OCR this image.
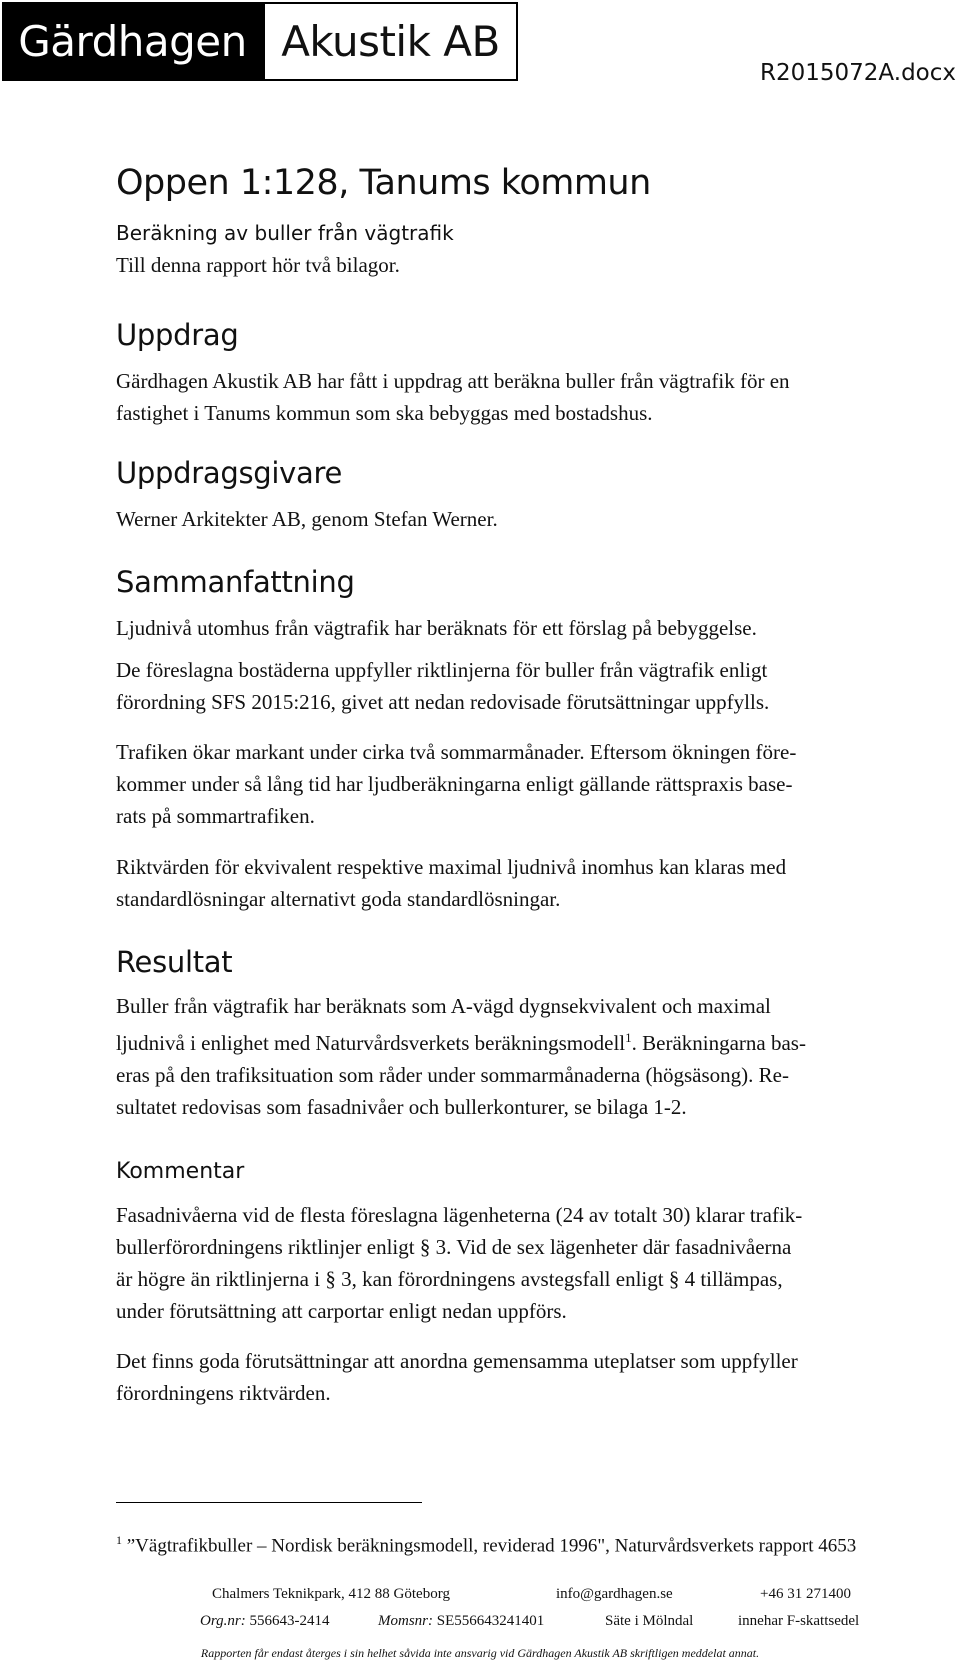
Gärdhagen Akustik AB
R2015072A.docx
Oppen 1:128, Tanums kommun
Beräkning av buller från vägtrafik
Till denna rapport hör två bilagor.
Uppdrag
Gärdhagen Akustik AB har fått i uppdrag att beräkna buller från vägtrafik för en
fastighet i Tanums kommun som ska bebyggas med bostadshus.
Uppdragsgivare
Werner Arkitekter AB, genom Stefan Werner.
Sammanfattning
Ljudnivå utomhus från vägtrafik har beräknats för ett förslag på bebyggelse.
De föreslagna bostäderna uppfyller riktlinjerna för buller från vägtrafik enligt
förordning SFS 2015:216, givet att nedan redovisade förutsättningar uppfylls.
Trafiken ökar markant under cirka två sommarmånader. Eftersom ökningen före-
kommer under så lång tid har ljudberäkningarna enligt gällande rättspraxis base-
rats på sommartrafiken.
Riktvärden för ekvivalent respektive maximal ljudnivå inomhus kan klaras med
standardlösningar alternativt goda standardlösningar.
Resultat
Buller från vägtrafik har beräknats som A-vägd dygnsekvivalent och maximal
ljudnivå i enlighet med Naturvårdsverkets beräkningsmodell$^1$. Beräkningarna bas-
eras på den trafiksituation som råder under sommarmånaderna (högsäsong). Re-
sultatet redovisas som fasadnivåer och bullerkonturer, se bilaga 1-2.
Kommentar
Fasadnivåerna vid de flesta föreslagna lägenheterna (24 av totalt 30) klarar trafik-
bullerförordningens riktlinjer enligt § 3. Vid de sex lägenheter där fasadnivåerna
är högre än riktlinjerna i § 3, kan förordningens avstegsfall enligt § 4 tillämpas,
under förutsättning att carportar enligt nedan uppförs.
Det finns goda förutsättningar att anordna gemensamma uteplatser som uppfyller
förordningens riktvärden.
$^1$ ”Vägtrafikbuller – Nordisk beräkningsmodell, reviderad 1996", Naturvårdsverkets rapport 4653
Chalmers Teknikpark, 412 88 Göteborg	info@gardhagen.se	+46 31 271400
Org.nr: 556643-2414	Momsnr: SE556643241401	Säte i Mölndal	innehar F-skattsedel
Rapporten får endast återges i sin helhet såvida inte ansvarig vid Gärdhagen Akustik AB skriftligen meddelat annat.
